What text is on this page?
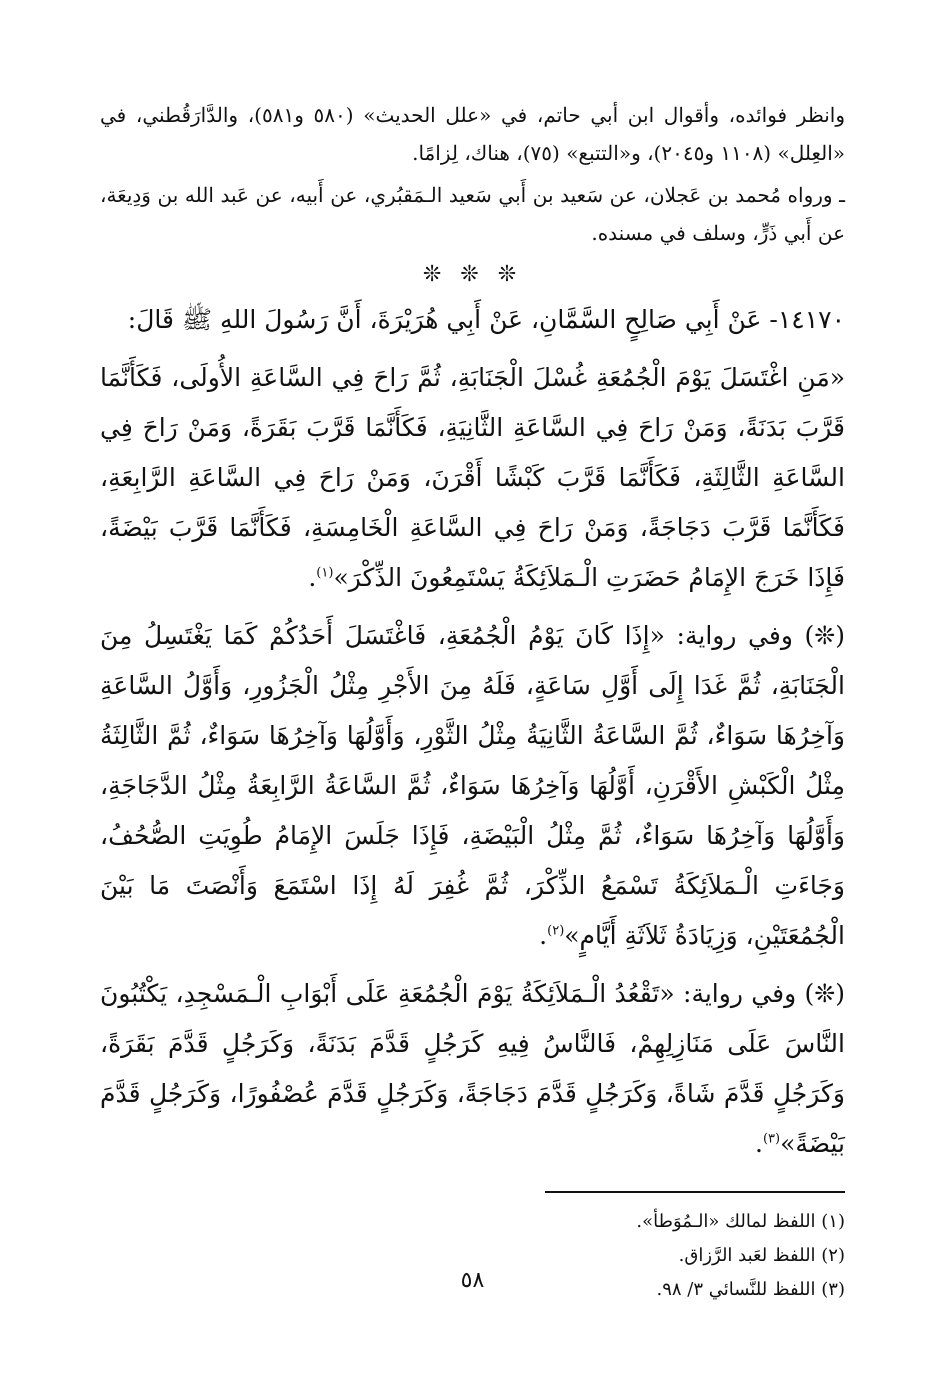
وانظر فوائده، وأقوال ابن أبي حاتم، في «علل الحديث» (٥٨٠ و٥٨١)، والدَّارَقُطني، في «العِلل» (١١٠٨ و٢٠٤٥)، و«التتبع» (٧٥)، هناك، لِزامًا.

ـ ورواه مُحمد بن عَجلان، عن سَعيد بن أَبي سَعيد الـمَقبُري، عن أَبيه، عن عَبد الله بن وَدِيعَة، عن أَبي ذَرٍّ، وسلف في مسنده.

❊ ❊ ❊

١٤١٧٠- عَنْ أَبِي صَالِحٍ السَّمَّانِ، عَنْ أَبِي هُرَيْرَةَ، أَنَّ رَسُولَ اللهِ ﷺ قَالَ:

«مَنِ اغْتَسَلَ يَوْمَ الْجُمُعَةِ غُسْلَ الْجَنَابَةِ، ثُمَّ رَاحَ فِي السَّاعَةِ الأُولَى، فَكَأَنَّمَا قَرَّبَ بَدَنَةً، وَمَنْ رَاحَ فِي السَّاعَةِ الثَّانِيَةِ، فَكَأَنَّمَا قَرَّبَ بَقَرَةً، وَمَنْ رَاحَ فِي السَّاعَةِ الثَّالِثَةِ، فَكَأَنَّمَا قَرَّبَ كَبْشًا أَقْرَنَ، وَمَنْ رَاحَ فِي السَّاعَةِ الرَّابِعَةِ، فَكَأَنَّمَا قَرَّبَ دَجَاجَةً، وَمَنْ رَاحَ فِي السَّاعَةِ الْخَامِسَةِ، فَكَأَنَّمَا قَرَّبَ بَيْضَةً، فَإِذَا خَرَجَ الإِمَامُ حَضَرَتِ الْـمَلاَئِكَةُ يَسْتَمِعُونَ الذِّكْرَ»$^{(١)}$.

(❊) وفي رواية: «إِذَا كَانَ يَوْمُ الْجُمُعَةِ، فَاغْتَسَلَ أَحَدُكُمْ كَمَا يَغْتَسِلُ مِنَ الْجَنَابَةِ، ثُمَّ غَدَا إِلَى أَوَّلِ سَاعَةٍ، فَلَهُ مِنَ الأَجْرِ مِثْلُ الْجَزُورِ، وَأَوَّلُ السَّاعَةِ وَآخِرُهَا سَوَاءٌ، ثُمَّ السَّاعَةُ الثَّانِيَةُ مِثْلُ الثَّوْرِ، وَأَوَّلُهَا وَآخِرُهَا سَوَاءٌ، ثُمَّ الثَّالِثَةُ مِثْلُ الْكَبْشِ الأَقْرَنِ، أَوَّلُهَا وَآخِرُهَا سَوَاءٌ، ثُمَّ السَّاعَةُ الرَّابِعَةُ مِثْلُ الدَّجَاجَةِ، وَأَوَّلُهَا وَآخِرُهَا سَوَاءٌ، ثُمَّ مِثْلُ الْبَيْضَةِ، فَإِذَا جَلَسَ الإِمَامُ طُوِيَتِ الصُّحُفُ، وَجَاءَتِ الْـمَلاَئِكَةُ تَسْمَعُ الذِّكْرَ، ثُمَّ غُفِرَ لَهُ إِذَا اسْتَمَعَ وَأَنْصَتَ مَا بَيْنَ الْجُمُعَتَيْنِ، وَزِيَادَةُ ثَلاَثَةِ أَيَّامٍ»$^{(٢)}$.

(❊) وفي رواية: «تَقْعُدُ الْـمَلاَئِكَةُ يَوْمَ الْجُمُعَةِ عَلَى أَبْوَابِ الْـمَسْجِدِ، يَكْتُبُونَ النَّاسَ عَلَى مَنَازِلِهِمْ، فَالنَّاسُ فِيهِ كَرَجُلٍ قَدَّمَ بَدَنَةً، وَكَرَجُلٍ قَدَّمَ بَقَرَةً، وَكَرَجُلٍ قَدَّمَ شَاةً، وَكَرَجُلٍ قَدَّمَ دَجَاجَةً، وَكَرَجُلٍ قَدَّمَ عُصْفُورًا، وَكَرَجُلٍ قَدَّمَ بَيْضَةً»$^{(٣)}$.

(١) اللفظ لمالك «الـمُوَطأ».
(٢) اللفظ لعَبد الرَّزاق.
(٣) اللفظ للنَّسائي ٣/ ٩٨.
٥٨
